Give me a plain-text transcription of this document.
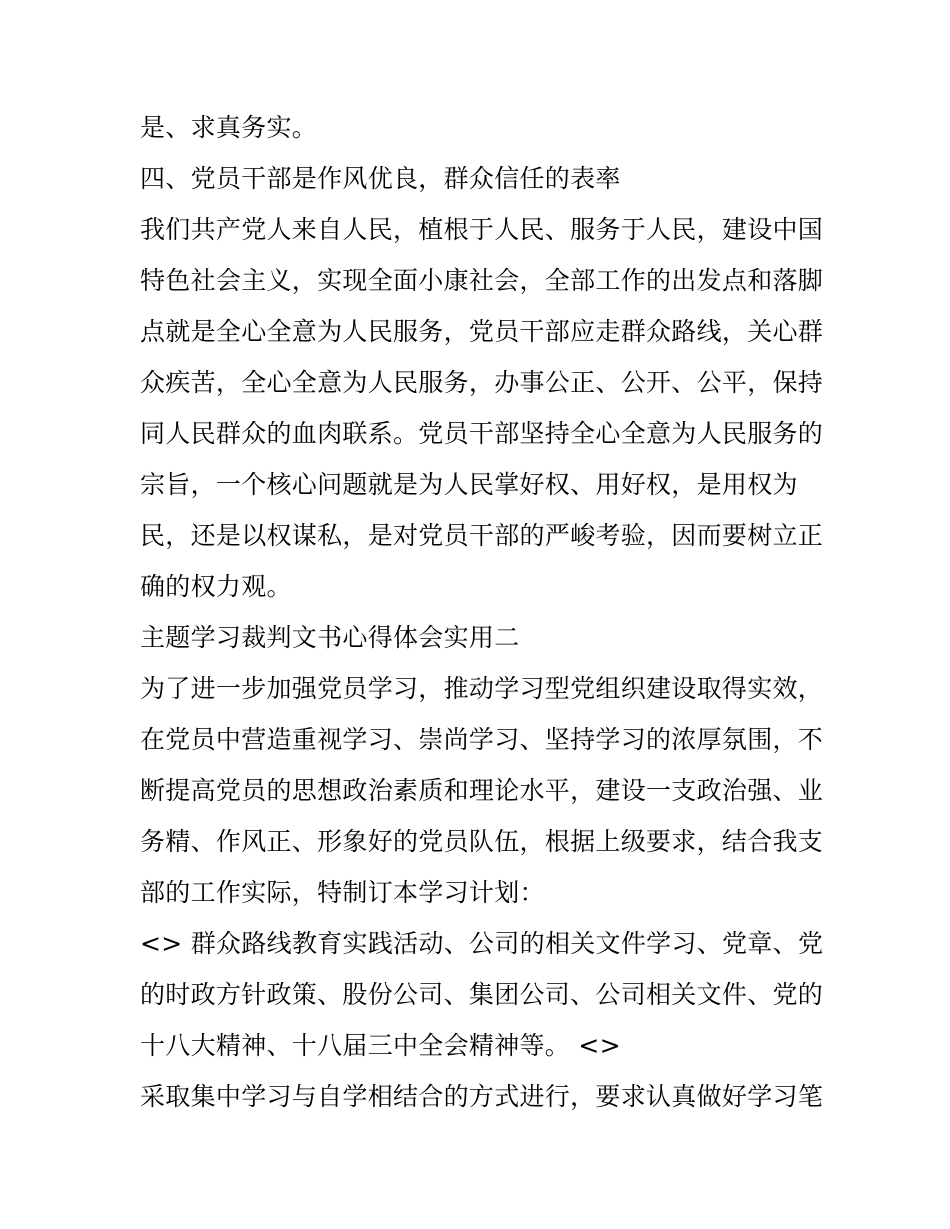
是、求真务实。

四、党员干部是作风优良，群众信任的表率

我们共产党人来自人民，植根于人民、服务于人民，建设中国

特色社会主义，实现全面小康社会，全部工作的出发点和落脚

点就是全心全意为人民服务，党员干部应走群众路线，关心群

众疾苦，全心全意为人民服务，办事公正、公开、公平，保持

同人民群众的血肉联系。党员干部坚持全心全意为人民服务的

宗旨，一个核心问题就是为人民掌好权、用好权，是用权为

民，还是以权谋私，是对党员干部的严峻考验，因而要树立正

确的权力观。

主题学习裁判文书心得体会实用二

为了进一步加强党员学习，推动学习型党组织建设取得实效，

在党员中营造重视学习、崇尚学习、坚持学习的浓厚氛围，不

断提高党员的思想政治素质和理论水平，建设一支政治强、业

务精、作风正、形象好的党员队伍，根据上级要求，结合我支

部的工作实际，特制订本学习计划：

<> 群众路线教育实践活动、公司的相关文件学习、党章、党

的时政方针政策、股份公司、集团公司、公司相关文件、党的

十八大精神、十八届三中全会精神等。 <>

采取集中学习与自学相结合的方式进行，要求认真做好学习笔
